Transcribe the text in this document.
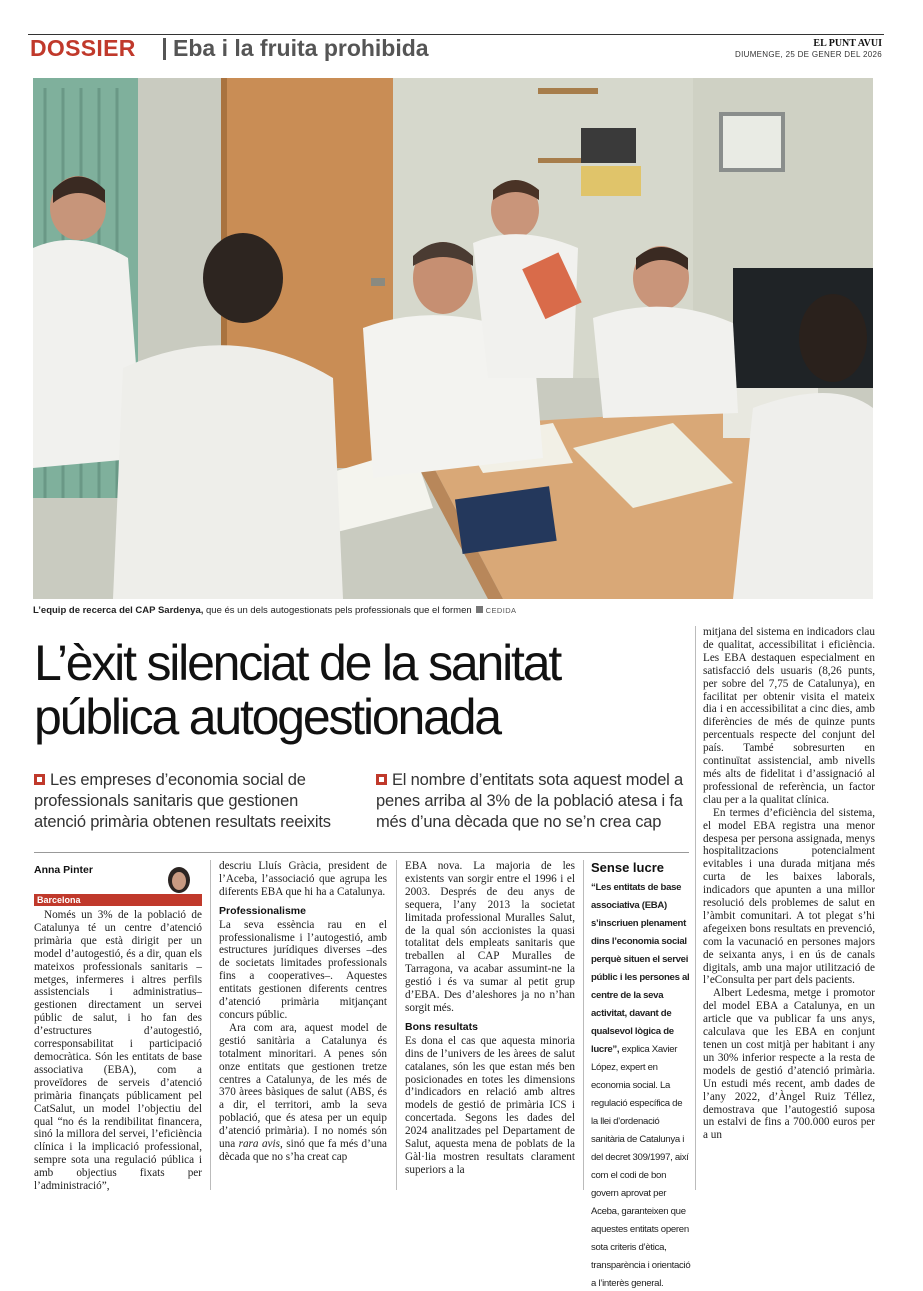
DOSSIER Eba i la fruita prohibida	EL PUNT AVUI
DIUMENGE, 25 DE GENER DEL 2026
L’equip de recerca del CAP Sardenya, que és un dels autogestionats pels professionals que el formen CEDIDA
L’èxit silenciat de la sanitat pública autogestionada
Les empreses d’economia social de professionals sanitaris que gestionen atenció primària obtenen resultats reeixits
El nombre d’entitats sota aquest model a penes arriba al 3% de la població atesa i fa més d’una dècada que no se’n crea cap
Anna Pinter
Barcelona

Només un 3% de la població de Catalunya té un centre d’atenció primària que està dirigit per un model d’autogestió, és a dir, quan els mateixos professionals sanitaris –metges, infermeres i altres perfils assistencials i administratius– gestionen directament un servei públic de salut, i ho fan des d’estructures d’autogestió, corresponsabilitat i participació democràtica. Són les entitats de base associativa (EBA), com a proveïdores de serveis d’atenció primària finançats públicament pel CatSalut, un model l’objectiu del qual “no és la rendibilitat financera, sinó la millora del servei, l’eficiència clínica i la implicació professional, sempre sota una regulació pública i amb objectius fixats per l’administració”,

descriu Lluís Gràcia, president de l’Aceba, l’associació que agrupa les diferents EBA que hi ha a Catalunya.

Professionalisme

La seva essència rau en el professionalisme i l’autogestió, amb estructures jurídiques diverses –des de societats limitades professionals fins a cooperatives–. Aquestes entitats gestionen diferents centres d’atenció primària mitjançant concurs públic.

Ara com ara, aquest model de gestió sanitària a Catalunya és totalment minoritari. A penes són onze entitats que gestionen tretze centres a Catalunya, de les més de 370 àrees bàsiques de salut (ABS, és a dir, el territori, amb la seva població, que és atesa per un equip d’atenció primària). I no només són una rara avis, sinó que fa més d’una dècada que no s’ha creat cap

EBA nova. La majoria de les existents van sorgir entre el 1996 i el 2003. Després de deu anys de sequera, l’any 2013 la societat limitada professional Muralles Salut, de la qual són accionistes la quasi totalitat dels empleats sanitaris que treballen al CAP Muralles de Tarragona, va acabar assumint-ne la gestió i és va sumar al petit grup d’EBA. Des d’aleshores ja no n’han sorgit més.

Bons resultats

Es dona el cas que aquesta minoria dins de l’univers de les àrees de salut catalanes, són les que estan més ben posicionades en totes les dimensions d’indicadors en relació amb altres models de gestió de primària ICS i concertada. Segons les dades del 2024 analitzades pel Departament de Salut, aquesta mena de poblats de la Gàl·lia mostren resultats clarament superiors a la

Sense lucre
“Les entitats de base associativa (EBA) s’inscriuen plenament dins l’economia social perquè situen el servei públic i les persones al centre de la seva activitat, davant de qualsevol lògica de lucre”, explica Xavier López, expert en economia social. La regulació específica de la llei d’ordenació sanitària de Catalunya i del decret 309/1997, així com el codi de bon govern aprovat per Aceba, garanteixen que aquestes entitats operen sota criteris d’ètica, transparència i orientació a l’interès general.

mitjana del sistema en indicadors clau de qualitat, accessibilitat i eficiència. Les EBA destaquen especialment en satisfacció dels usuaris (8,26 punts, per sobre del 7,75 de Catalunya), en facilitat per obtenir visita el mateix dia i en accessibilitat a cinc dies, amb diferències de més de quinze punts percentuals respecte del conjunt del país. També sobresurten en continuïtat assistencial, amb nivells més alts de fidelitat i d’assignació al professional de referència, un factor clau per a la qualitat clínica.

En termes d’eficiència del sistema, el model EBA registra una menor despesa per persona assignada, menys hospitalitzacions potencialment evitables i una durada mitjana més curta de les baixes laborals, indicadors que apunten a una millor resolució dels problemes de salut en l’àmbit comunitari. A tot plegat s’hi afegeixen bons resultats en prevenció, com la vacunació en persones majors de seixanta anys, i en ús de canals digitals, amb una major utilització de l’eConsulta per part dels pacients.

Albert Ledesma, metge i promotor del model EBA a Catalunya, en un article que va publicar fa uns anys, calculava que les EBA en conjunt tenen un cost mitjà per habitant i any un 30% inferior respecte a la resta de models de gestió d’atenció primària. Un estudi més recent, amb dades de l’any 2022, d’Àngel Ruiz Téllez, demostrava que l’autogestió suposa un estalvi de fins a 700.000 euros per a un
